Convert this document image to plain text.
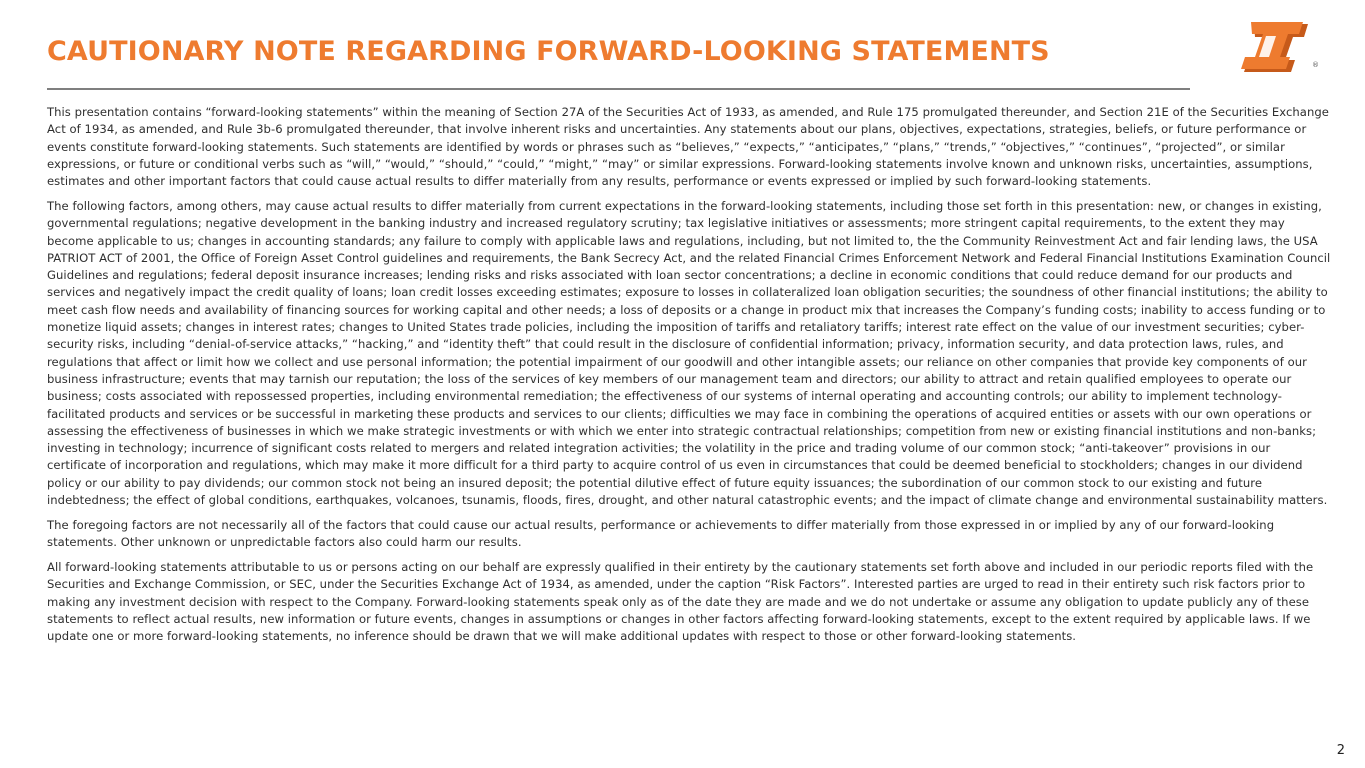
CAUTIONARY NOTE REGARDING FORWARD-LOOKING STATEMENTS	®

This presentation contains “forward-looking statements” within the meaning of Section 27A of the Securities Act of 1933, as amended, and Rule 175 promulgated thereunder, and Section 21E of the Securities Exchange Act of 1934, as amended, and Rule 3b-6 promulgated thereunder, that involve inherent risks and uncertainties. Any statements about our plans, objectives, expectations, strategies, beliefs, or future performance or events constitute forward-looking statements. Such statements are identified by words or phrases such as “believes,” “expects,” “anticipates,” “plans,” “trends,” “objectives,” “continues”, “projected”, or similar expressions, or future or conditional verbs such as “will,” “would,” “should,” “could,” “might,” “may” or similar expressions. Forward-looking statements involve known and unknown risks, uncertainties, assumptions, estimates and other important factors that could cause actual results to differ materially from any results, performance or events expressed or implied by such forward-looking statements.

The following factors, among others, may cause actual results to differ materially from current expectations in the forward-looking statements, including those set forth in this presentation: new, or changes in existing, governmental regulations; negative development in the banking industry and increased regulatory scrutiny; tax legislative initiatives or assessments; more stringent capital requirements, to the extent they may become applicable to us; changes in accounting standards; any failure to comply with applicable laws and regulations, including, but not limited to, the the Community Reinvestment Act and fair lending laws, the USA PATRIOT ACT of 2001, the Office of Foreign Asset Control guidelines and requirements, the Bank Secrecy Act, and the related Financial Crimes Enforcement Network and Federal Financial Institutions Examination Council Guidelines and regulations; federal deposit insurance increases; lending risks and risks associated with loan sector concentrations; a decline in economic conditions that could reduce demand for our products and services and negatively impact the credit quality of loans; loan credit losses exceeding estimates; exposure to losses in collateralized loan obligation securities; the soundness of other financial institutions; the ability to meet cash flow needs and availability of financing sources for working capital and other needs; a loss of deposits or a change in product mix that increases the Company’s funding costs; inability to access funding or to monetize liquid assets; changes in interest rates; changes to United States trade policies, including the imposition of tariffs and retaliatory tariffs; interest rate effect on the value of our investment securities; cyber-security risks, including “denial-of-service attacks,” “hacking,” and “identity theft” that could result in the disclosure of confidential information; privacy, information security, and data protection laws, rules, and regulations that affect or limit how we collect and use personal information; the potential impairment of our goodwill and other intangible assets; our reliance on other companies that provide key components of our business infrastructure; events that may tarnish our reputation; the loss of the services of key members of our management team and directors; our ability to attract and retain qualified employees to operate our business; costs associated with repossessed properties, including environmental remediation; the effectiveness of our systems of internal operating and accounting controls; our ability to implement technology-facilitated products and services or be successful in marketing these products and services to our clients; difficulties we may face in combining the operations of acquired entities or assets with our own operations or assessing the effectiveness of businesses in which we make strategic investments or with which we enter into strategic contractual relationships; competition from new or existing financial institutions and non-banks; investing in technology; incurrence of significant costs related to mergers and related integration activities; the volatility in the price and trading volume of our common stock; “anti-takeover” provisions in our certificate of incorporation and regulations, which may make it more difficult for a third party to acquire control of us even in circumstances that could be deemed beneficial to stockholders; changes in our dividend policy or our ability to pay dividends; our common stock not being an insured deposit; the potential dilutive effect of future equity issuances; the subordination of our common stock to our existing and future indebtedness; the effect of global conditions, earthquakes, volcanoes, tsunamis, floods, fires, drought, and other natural catastrophic events; and the impact of climate change and environmental sustainability matters.

The foregoing factors are not necessarily all of the factors that could cause our actual results, performance or achievements to differ materially from those expressed in or implied by any of our forward-looking statements. Other unknown or unpredictable factors also could harm our results.

All forward-looking statements attributable to us or persons acting on our behalf are expressly qualified in their entirety by the cautionary statements set forth above and included in our periodic reports filed with the Securities and Exchange Commission, or SEC, under the Securities Exchange Act of 1934, as amended, under the caption “Risk Factors”. Interested parties are urged to read in their entirety such risk factors prior to making any investment decision with respect to the Company. Forward-looking statements speak only as of the date they are made and we do not undertake or assume any obligation to update publicly any of these statements to reflect actual results, new information or future events, changes in assumptions or changes in other factors affecting forward-looking statements, except to the extent required by applicable laws. If we update one or more forward-looking statements, no inference should be drawn that we will make additional updates with respect to those or other forward-looking statements.

2
